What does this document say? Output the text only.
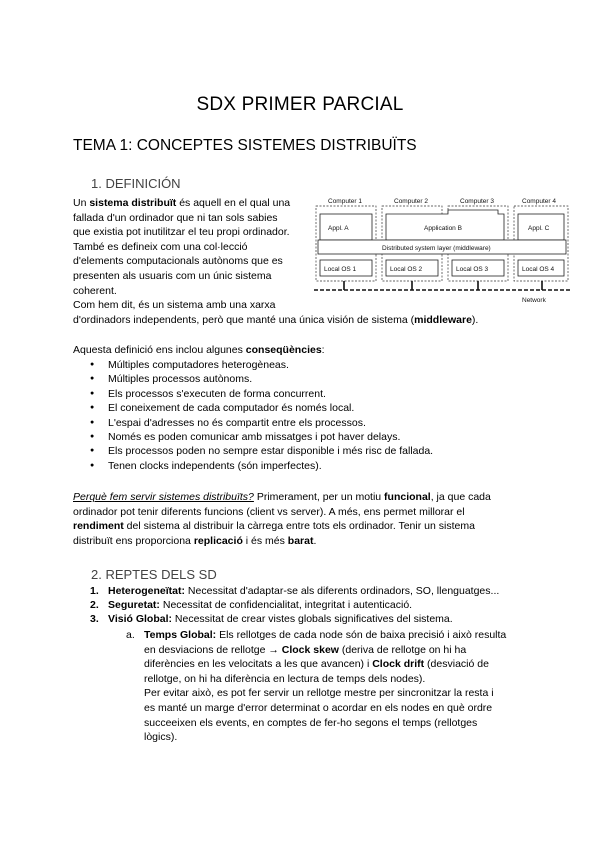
SDX PRIMER PARCIAL
TEMA 1: CONCEPTES SISTEMES DISTRIBUÏTS
1. DEFINICIÓN
Un sistema distribuït és aquell en el qual una
fallada d'un ordinador que ni tan sols sabies
que existia pot inutilitzar el teu propi ordinador.
També es defineix com una col·lecció
d'elements computacionals autònoms que es
presenten als usuaris com un únic sistema
coherent.
Com hem dit, és un sistema amb una xarxa
d'ordinadors independents, però que manté una única visión de sistema (middleware).
Computer 1	Computer 2	Computer 3	Computer 4
Appl. A	Application B	Appl. C
Distributed system layer (middleware)
Local OS 1	Local OS 2	Local OS 3	Local OS 4
Network
Aquesta definició ens inclou algunes conseqüències:
● Múltiples computadores heterogèneas.
● Múltiples processos autònoms.
● Els processos s'executen de forma concurrent.
● El coneixement de cada computador és només local.
● L'espai d'adresses no és compartit entre els processos.
● Només es poden comunicar amb missatges i pot haver delays.
● Els processos poden no sempre estar disponible i més risc de fallada.
● Tenen clocks independents (són imperfectes).
Perquè fem servir sistemes distribuïts? Primerament, per un motiu funcional, ja que cada
ordinador pot tenir diferents funcions (client vs server). A més, ens permet millorar el
rendiment del sistema al distribuir la càrrega entre tots els ordinador. Tenir un sistema
distribuït ens proporciona replicació i és més barat.
2. REPTES DELS SD
1. Heterogeneïtat: Necessitat d'adaptar-se als diferents ordinadors, SO, llenguatges...
2. Seguretat: Necessitat de confidencialitat, integritat i autenticació.
3. Visió Global: Necessitat de crear vistes globals significatives del sistema.
a. Temps Global: Els rellotges de cada node són de baixa precisió i això resulta
en desviacions de rellotge → Clock skew (deriva de rellotge on hi ha
diferències en les velocitats a les que avancen) i Clock drift (desviació de
rellotge, on hi ha diferència en lectura de temps dels nodes).
Per evitar això, es pot fer servir un rellotge mestre per sincronitzar la resta i
es manté un marge d'error determinat o acordar en els nodes en què ordre
succeeixen els events, en comptes de fer-ho segons el temps (rellotges
lògics).
